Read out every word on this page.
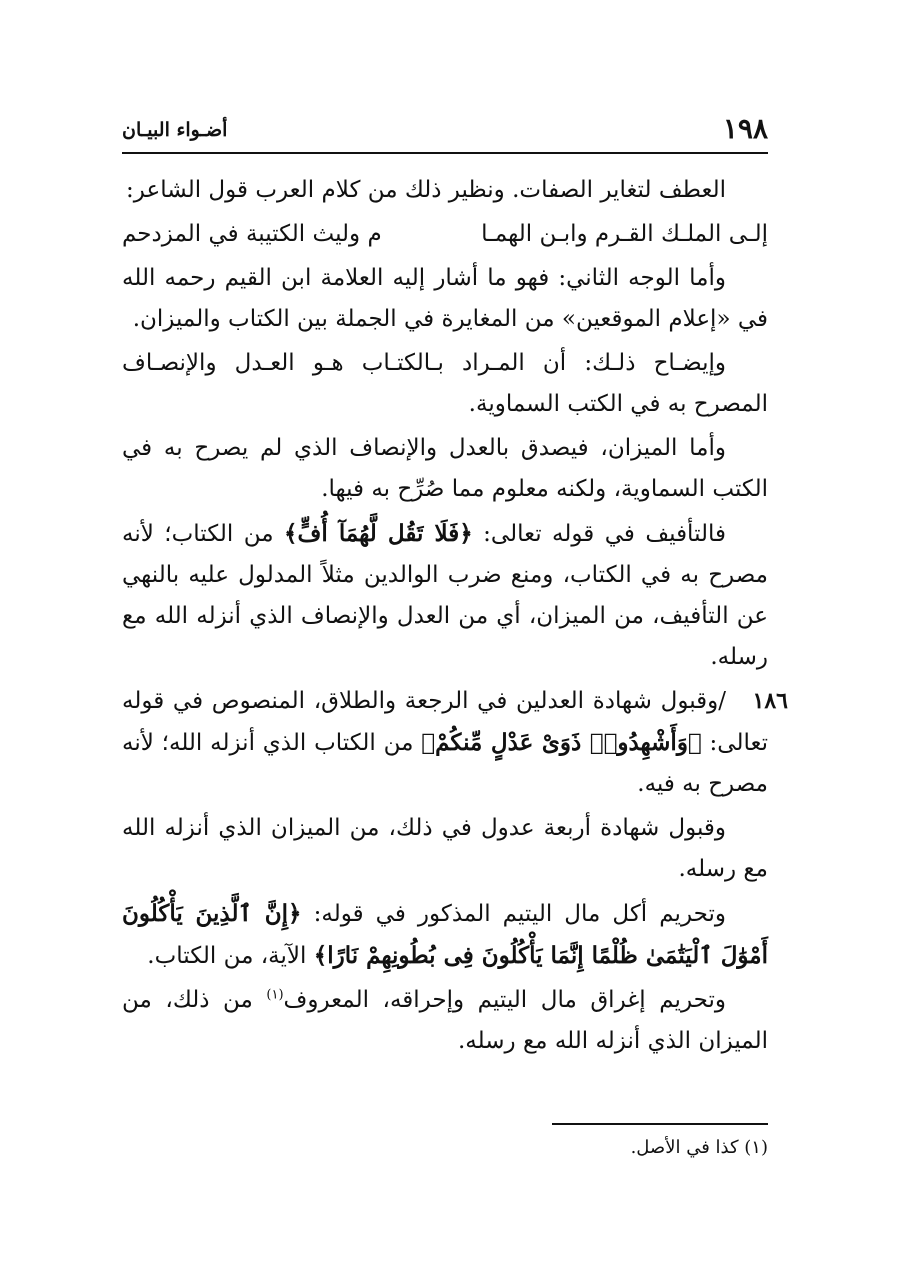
١٩٨
أضـواء البيـان

العطف لتغاير الصفات. ونظير ذلك من كلام العرب قول الشاعر:

إلـى الملـك القـرم وابـن الهمـا
م وليث الكتيبة في المزدحم

وأما الوجه الثاني: فهو ما أشار إليه العلامة ابن القيم رحمه الله في «إعلام الموقعين» من المغايرة في الجملة بين الكتاب والميزان.

وإيضـاح ذلـك: أن المـراد بـالكتـاب هـو العـدل والإنصـاف المصرح به في الكتب السماوية.

وأما الميزان، فيصدق بالعدل والإنصاف الذي لم يصرح به في الكتب السماوية، ولكنه معلوم مما صُرِّح به فيها.

فالتأفيف في قوله تعالى: ﴿فَلَا تَقُل لَّهُمَآ أُفٍّ﴾ من الكتاب؛ لأنه مصرح به في الكتاب، ومنع ضرب الوالدين مثلاً المدلول عليه بالنهي عن التأفيف، من الميزان، أي من العدل والإنصاف الذي أنزله الله مع رسله.

١٨٦
/وقبول شهادة العدلين في الرجعة والطلاق، المنصوص في قوله تعالى: ﴿وَأَشْهِدُوا۟ ذَوَىْ عَدْلٍ مِّنكُمْ﴾ من الكتاب الذي أنزله الله؛ لأنه مصرح به فيه.

وقبول شهادة أربعة عدول في ذلك، من الميزان الذي أنزله الله مع رسله.

وتحريم أكل مال اليتيم المذكور في قوله: ﴿إِنَّ ٱلَّذِينَ يَأْكُلُونَ أَمْوَٰلَ ٱلْيَتَٰمَىٰ ظُلْمًا إِنَّمَا يَأْكُلُونَ فِى بُطُونِهِمْ نَارًا﴾ الآية، من الكتاب.

وتحريم إغراق مال اليتيم وإحراقه، المعروف$^{(١)}$ من ذلك، من الميزان الذي أنزله الله مع رسله.

(١) كذا في الأصل.
